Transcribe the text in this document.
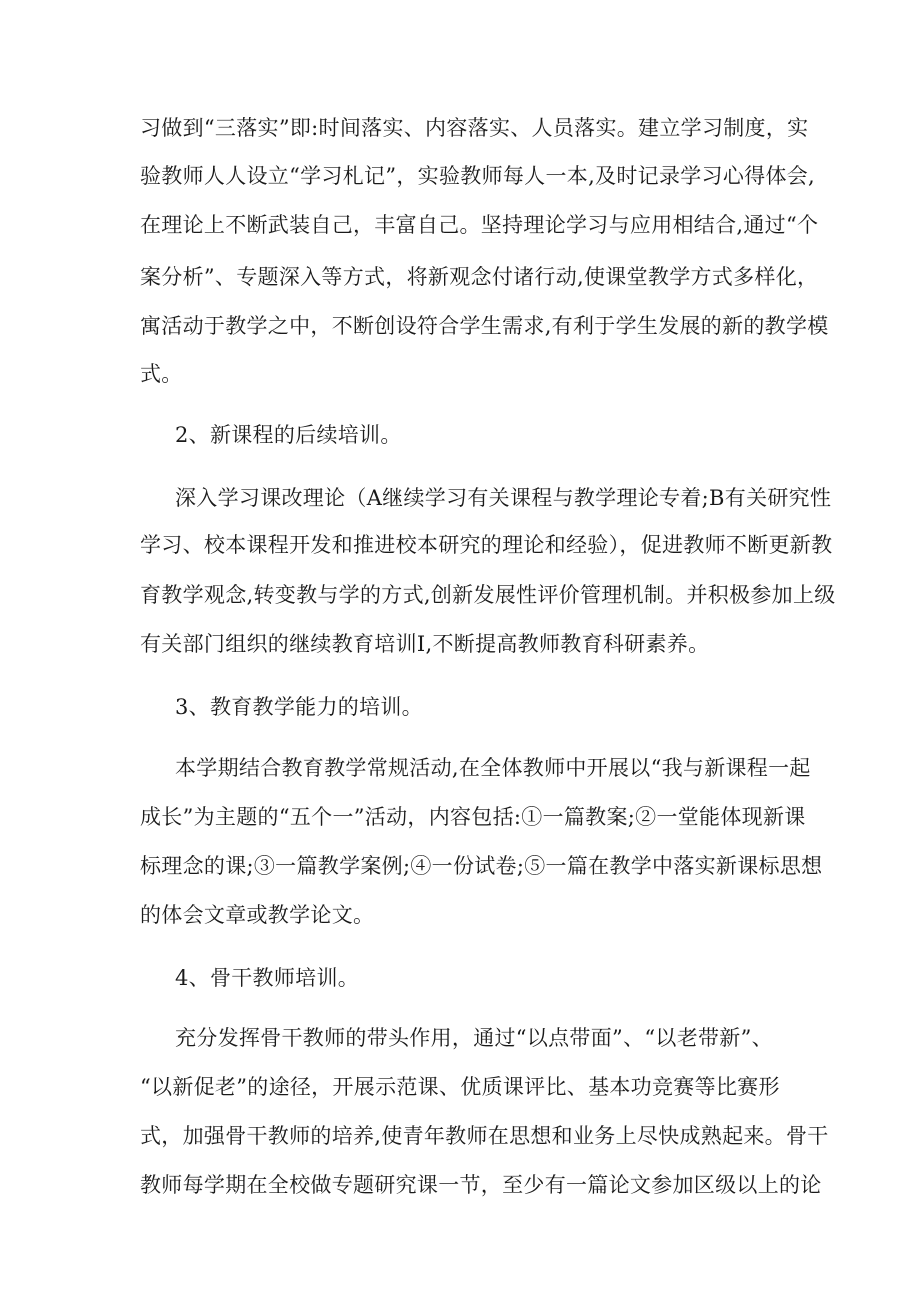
习做到“三落实”即:时间落实、内容落实、人员落实。建立学习制度，实
验教师人人设立“学习札记”，实验教师每人一本,及时记录学习心得体会,
在理论上不断武装自己，丰富自己。坚持理论学习与应用相结合,通过“个
案分析”、专题深入等方式，将新观念付诸行动,使课堂教学方式多样化，
寓活动于教学之中，不断创设符合学生需求,有利于学生发展的新的教学模
式。
2、新课程的后续培训。
深入学习课改理论（A继续学习有关课程与教学理论专着;B有关研究性
学习、校本课程开发和推进校本研究的理论和经验），促进教师不断更新教
育教学观念,转变教与学的方式,创新发展性评价管理机制。并积极参加上级
有关部门组织的继续教育培训I,不断提高教师教育科研素养。
3、教育教学能力的培训。
本学期结合教育教学常规活动,在全体教师中开展以“我与新课程一起
成长”为主题的“五个一”活动，内容包括:①一篇教案;②一堂能体现新课
标理念的课;③一篇教学案例;④一份试卷;⑤一篇在教学中落实新课标思想
的体会文章或教学论文。
4、骨干教师培训。
充分发挥骨干教师的带头作用，通过“以点带面”、“以老带新”、
“以新促老”的途径，开展示范课、优质课评比、基本功竞赛等比赛形
式，加强骨干教师的培养,使青年教师在思想和业务上尽快成熟起来。骨干
教师每学期在全校做专题研究课一节，至少有一篇论文参加区级以上的论
